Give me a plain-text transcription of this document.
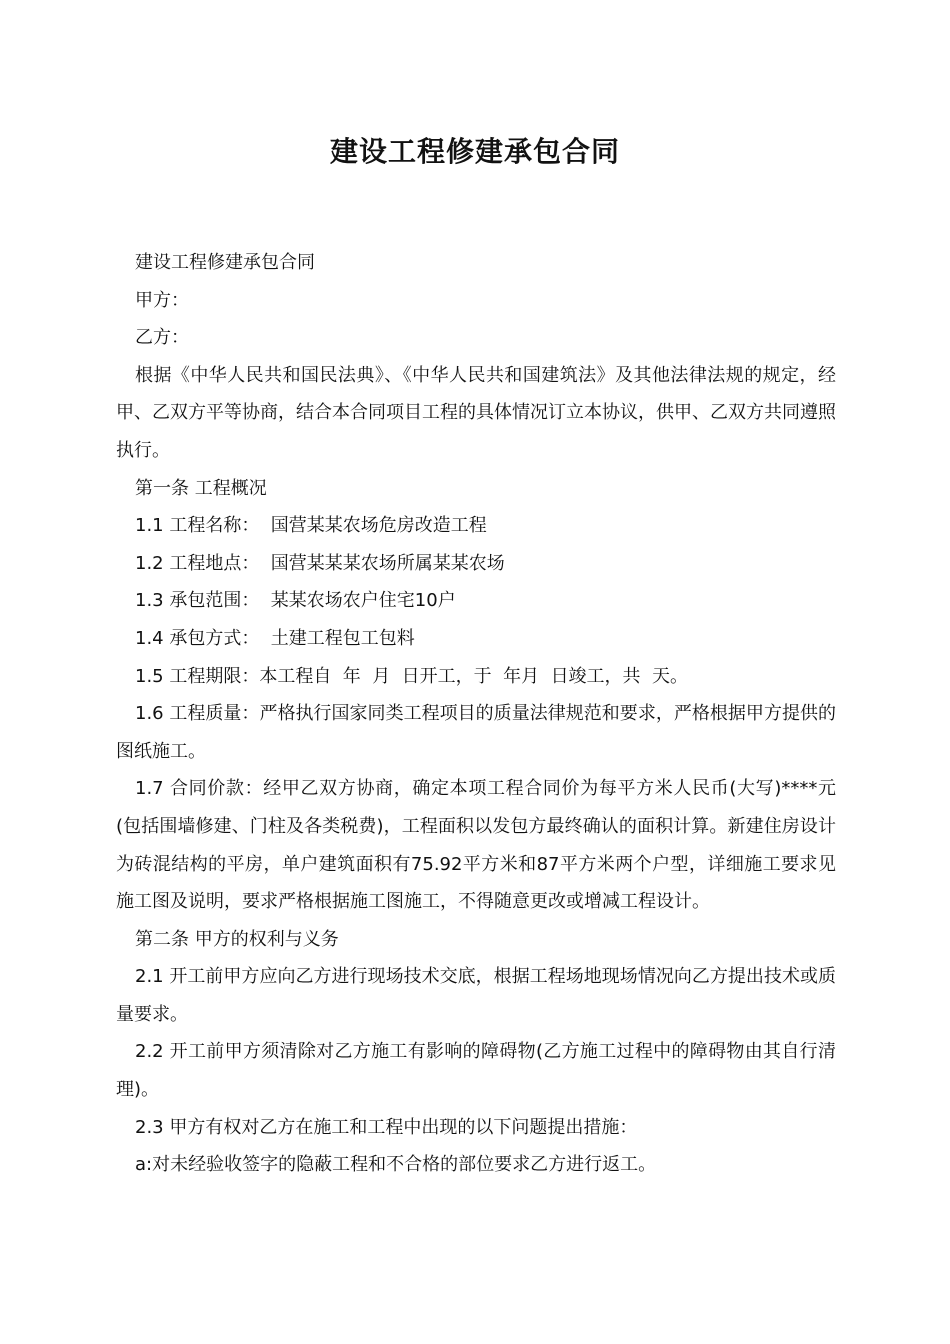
建设工程修建承包合同

建设工程修建承包合同

甲方：

乙方：

根据《中华人民共和国民法典》、《中华人民共和国建筑法》及其他法律法规的规定，经甲、乙双方平等协商，结合本合同项目工程的具体情况订立本协议，供甲、乙双方共同遵照执行。

第一条 工程概况

1.1 工程名称：  国营某某农场危房改造工程

1.2 工程地点：  国营某某某农场所属某某农场

1.3 承包范围：  某某农场农户住宅10户

1.4 承包方式：  土建工程包工包料

1.5 工程期限：本工程自  年  月  日开工，于  年月  日竣工，共  天。

1.6 工程质量：严格执行国家同类工程项目的质量法律规范和要求，严格根据甲方提供的图纸施工。

1.7 合同价款：经甲乙双方协商，确定本项工程合同价为每平方米人民币(大写)****元(包括围墙修建、门柱及各类税费)，工程面积以发包方最终确认的面积计算。新建住房设计为砖混结构的平房，单户建筑面积有75.92平方米和87平方米两个户型，详细施工要求见施工图及说明，要求严格根据施工图施工，不得随意更改或增减工程设计。

第二条 甲方的权利与义务

2.1 开工前甲方应向乙方进行现场技术交底，根据工程场地现场情况向乙方提出技术或质量要求。

2.2 开工前甲方须清除对乙方施工有影响的障碍物(乙方施工过程中的障碍物由其自行清理)。

2.3 甲方有权对乙方在施工和工程中出现的以下问题提出措施：

a:对未经验收签字的隐蔽工程和不合格的部位要求乙方进行返工。
